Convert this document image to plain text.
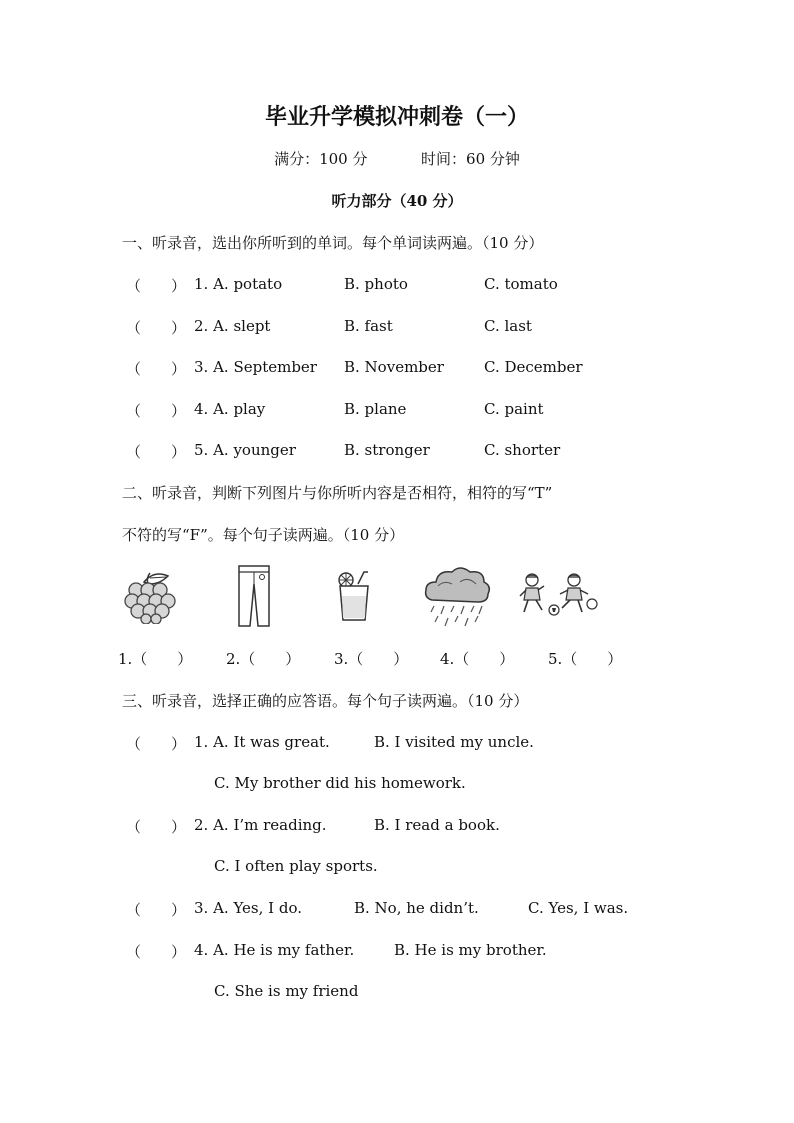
毕业升学模拟冲刺卷（一）
满分：100 分	时间：60 分钟
听力部分（40 分）
一、听录音，选出你所听到的单词。每个单词读两遍。（10 分）
（　　） 1. A. potato	B. photo	C. tomato
（　　） 2. A. slept	B. fast	C. last
（　　） 3. A. September B. November	C. December
（　　） 4. A. play	B. plane	C. paint
（　　） 5. A. younger	B. stronger	C. shorter
二、听录音，判断下列图片与你所听内容是否相符，相符的写“T”
不符的写“F”。每个句子读两遍。（10 分）
1.（　　） 2.（　　） 3.（　　） 4.（　　） 5.（　　）
三、听录音，选择正确的应答语。每个句子读两遍。（10 分）
（　　） 1. A. It was great.	B. I visited my uncle.
C. My brother did his homework.
（　　） 2. A. I’m reading.	B. I read a book.
C. I often play sports.
（　　） 3. A. Yes, I do.	B. No, he didn’t.	C. Yes, I was.
（　　） 4. A. He is my father.	B. He is my brother.
C. She is my friend
